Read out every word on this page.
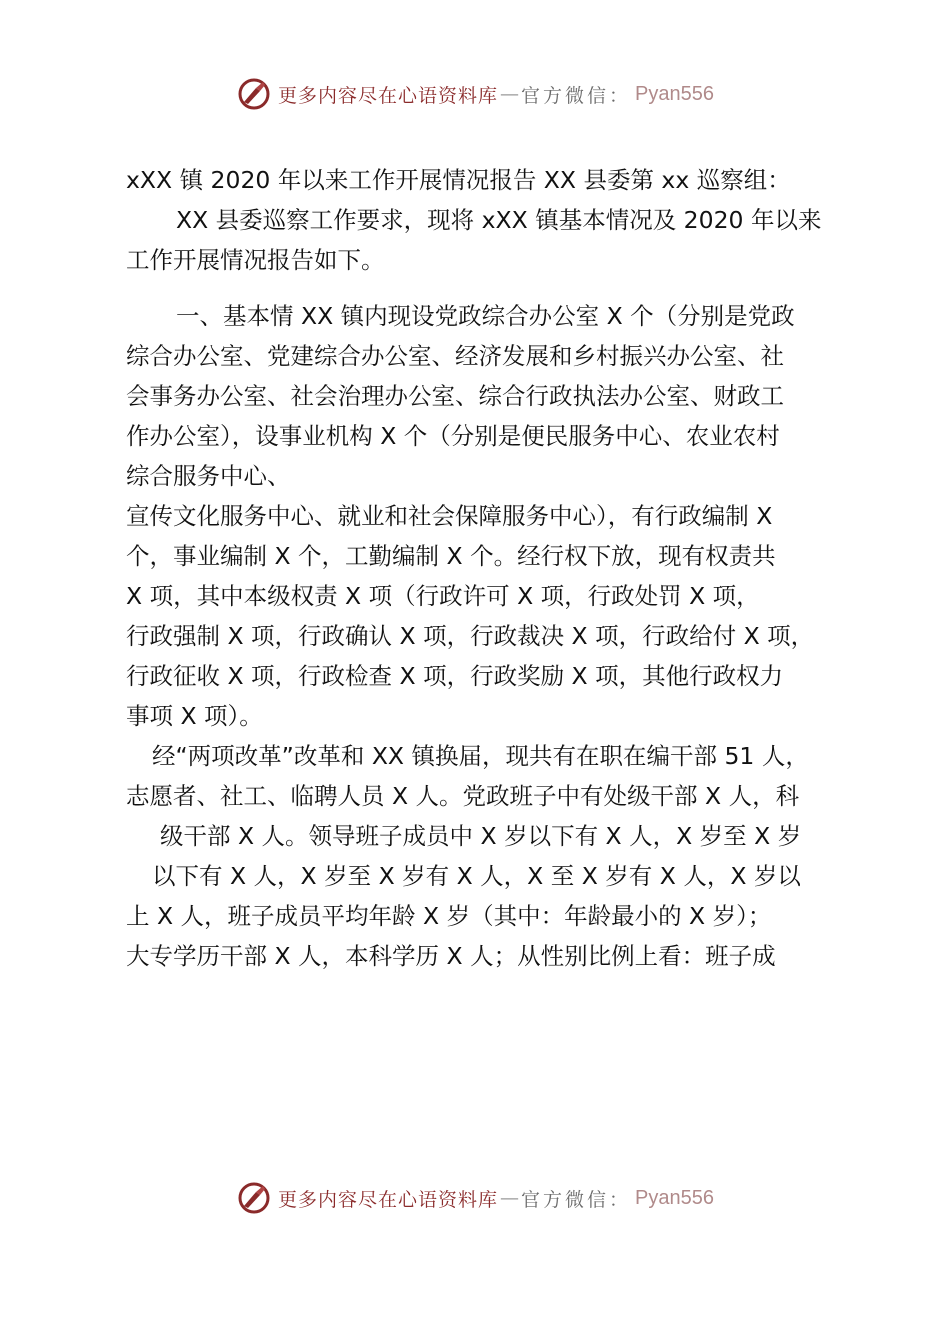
更多内容尽在心语资料库 — 官方微信： Pyan556
xXX 镇 2020 年以来工作开展情况报告 XX 县委第 xx 巡察组：
XX 县委巡察工作要求，现将 xXX 镇基本情况及 2020 年以来
工作开展情况报告如下。
一、基本情 XX 镇内现设党政综合办公室 X 个（分别是党政
综合办公室、党建综合办公室、经济发展和乡村振兴办公室、社
会事务办公室、社会治理办公室、综合行政执法办公室、财政工
作办公室），设事业机构 X 个（分别是便民服务中心、农业农村
综合服务中心、
宣传文化服务中心、就业和社会保障服务中心），有行政编制 X
个，事业编制 X 个，工勤编制 X 个。经行权下放，现有权责共
X 项，其中本级权责 X 项（行政许可 X 项，行政处罚 X 项，
行政强制 X 项，行政确认 X 项，行政裁决 X 项，行政给付 X 项，
行政征收 X 项，行政检查 X 项，行政奖励 X 项，其他行政权力
事项 X 项）。
经“两项改革”改革和 XX 镇换届，现共有在职在编干部 51 人，
志愿者、社工、临聘人员 X 人。党政班子中有处级干部 X 人，科
级干部 X 人。领导班子成员中 X 岁以下有 X 人，X 岁至 X 岁
以下有 X 人，X 岁至 X 岁有 X 人，X 至 X 岁有 X 人，X 岁以
上 X 人，班子成员平均年龄 X 岁（其中：年龄最小的 X 岁）；
大专学历干部 X 人，本科学历 X 人；从性别比例上看：班子成
更多内容尽在心语资料库 — 官方微信： Pyan556
